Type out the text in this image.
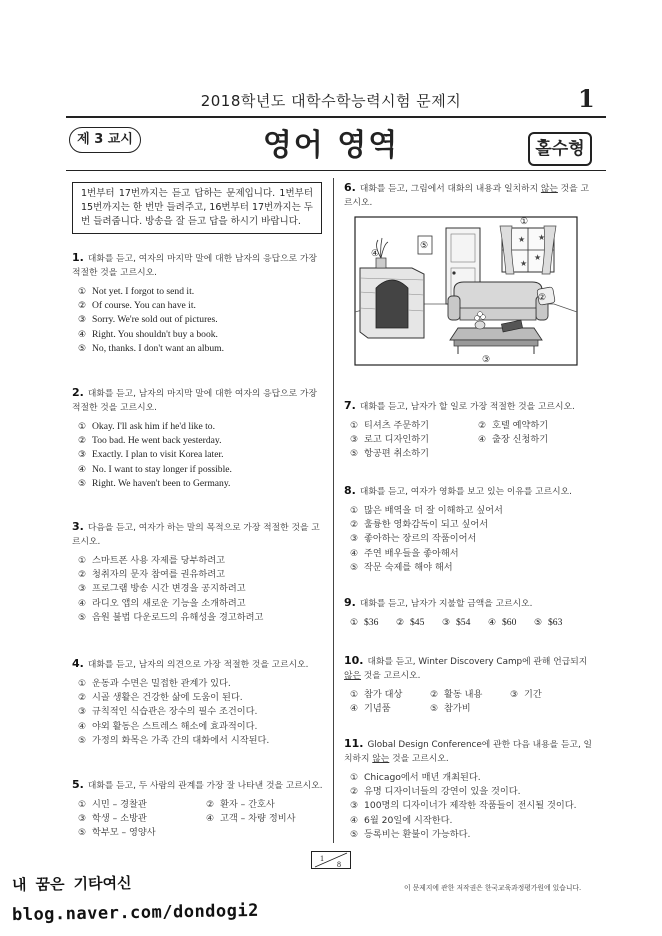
2018학년도 대학수학능력시험 문제지	1
제 3 교시	영어 영역	홀수형
1번부터 17번까지는 듣고 답하는 문제입니다. 1번부터 15번까지는 한 번만 들려주고, 16번부터 17번까지는 두 번 들려줍니다. 방송을 잘 듣고 답을 하시기 바랍니다.
1. 대화를 듣고, 여자의 마지막 말에 대한 남자의 응답으로 가장 적절한 것을 고르시오.
① Not yet. I forgot to send it.
② Of course. You can have it.
③ Sorry. We're sold out of pictures.
④ Right. You shouldn't buy a book.
⑤ No, thanks. I don't want an album.
2. 대화를 듣고, 남자의 마지막 말에 대한 여자의 응답으로 가장 적절한 것을 고르시오.
① Okay. I'll ask him if he'd like to.
② Too bad. He went back yesterday.
③ Exactly. I plan to visit Korea later.
④ No. I want to stay longer if possible.
⑤ Right. We haven't been to Germany.
3. 다음을 듣고, 여자가 하는 말의 목적으로 가장 적절한 것을 고르시오.
① 스마트폰 사용 자제를 당부하려고
② 청취자의 문자 참여를 권유하려고
③ 프로그램 방송 시간 변경을 공지하려고
④ 라디오 앱의 새로운 기능을 소개하려고
⑤ 음원 불법 다운로드의 유해성을 경고하려고
4. 대화를 듣고, 남자의 의견으로 가장 적절한 것을 고르시오.
① 운동과 수면은 밀접한 관계가 있다.
② 시골 생활은 건강한 삶에 도움이 된다.
③ 규칙적인 식습관은 장수의 필수 조건이다.
④ 야외 활동은 스트레스 해소에 효과적이다.
⑤ 가정의 화목은 가족 간의 대화에서 시작된다.
5. 대화를 듣고, 두 사람의 관계를 가장 잘 나타낸 것을 고르시오.
① 시민 – 경찰관	② 환자 – 간호사
③ 학생 – 소방관	④ 고객 – 차량 정비사
⑤ 학부모 – 영양사
6. 대화를 듣고, 그림에서 대화의 내용과 일치하지 않는 것을 고르시오.
★
★
★
★
①
②
③
④
⑤
7. 대화를 듣고, 남자가 할 일로 가장 적절한 것을 고르시오.
① 티셔츠 주문하기	② 호텔 예약하기
③ 로고 디자인하기	④ 출장 신청하기
⑤ 항공편 취소하기
8. 대화를 듣고, 여자가 영화를 보고 있는 이유를 고르시오.
① 많은 배역을 더 잘 이해하고 싶어서
② 훌륭한 영화감독이 되고 싶어서
③ 좋아하는 장르의 작품이어서
④ 주연 배우들을 좋아해서
⑤ 작문 숙제를 해야 해서
9. 대화를 듣고, 남자가 지불할 금액을 고르시오.
① $36	② $45	③ $54	④ $60	⑤ $63
10. 대화를 듣고, Winter Discovery Camp에 관해 언급되지 않은 것을 고르시오.
① 참가 대상	② 활동 내용	③ 기간
④ 기념품	⑤ 참가비
11. Global Design Conference에 관한 다음 내용을 듣고, 일치하지 않는 것을 고르시오.
① Chicago에서 매년 개최된다.
② 유명 디자이너들의 강연이 있을 것이다.
③ 100명의 디자이너가 제작한 작품들이 전시될 것이다.
④ 6월 20일에 시작한다.
⑤ 등록비는 환불이 가능하다.
1
8
이 문제지에 관한 저작권은 한국교육과정평가원에 있습니다.
내 꿈은 기타여신
blog.naver.com/dondogi2
